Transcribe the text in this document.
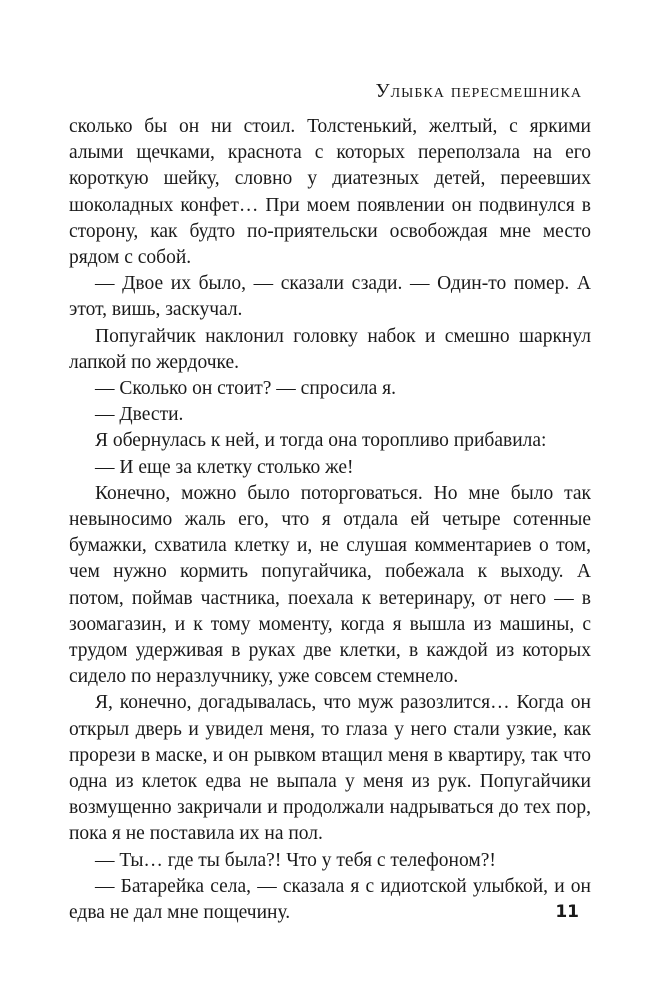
Улыбка пересмешника

сколько бы он ни стоил. Толстенький, желтый, с яркими алыми щечками, краснота с которых переползала на его короткую шейку, словно у диатезных детей, переевших шоколадных конфет… При моем появлении он подвинулся в сторону, как будто по-приятельски освобождая мне место рядом с собой.

— Двое их было, — сказали сзади. — Один-то помер. А этот, вишь, заскучал.

Попугайчик наклонил головку набок и смешно шаркнул лапкой по жердочке.

— Сколько он стоит? — спросила я.

— Двести.

Я обернулась к ней, и тогда она торопливо прибавила:

— И еще за клетку столько же!

Конечно, можно было поторговаться. Но мне было так невыносимо жаль его, что я отдала ей четыре сотенные бумажки, схватила клетку и, не слушая комментариев о том, чем нужно кормить попугайчика, побежала к выходу. А потом, поймав частника, поехала к ветеринару, от него — в зоомагазин, и к тому моменту, когда я вышла из машины, с трудом удерживая в руках две клетки, в каждой из которых сидело по неразлучнику, уже совсем стемнело.

Я, конечно, догадывалась, что муж разозлится… Когда он открыл дверь и увидел меня, то глаза у него стали узкие, как прорези в маске, и он рывком втащил меня в квартиру, так что одна из клеток едва не выпала у меня из рук. Попугайчики возмущенно закричали и продолжали надрываться до тех пор, пока я не поставила их на пол.

— Ты… где ты была?! Что у тебя с телефоном?!

— Батарейка села, — сказала я с идиотской улыбкой, и он едва не дал мне пощечину.	11
